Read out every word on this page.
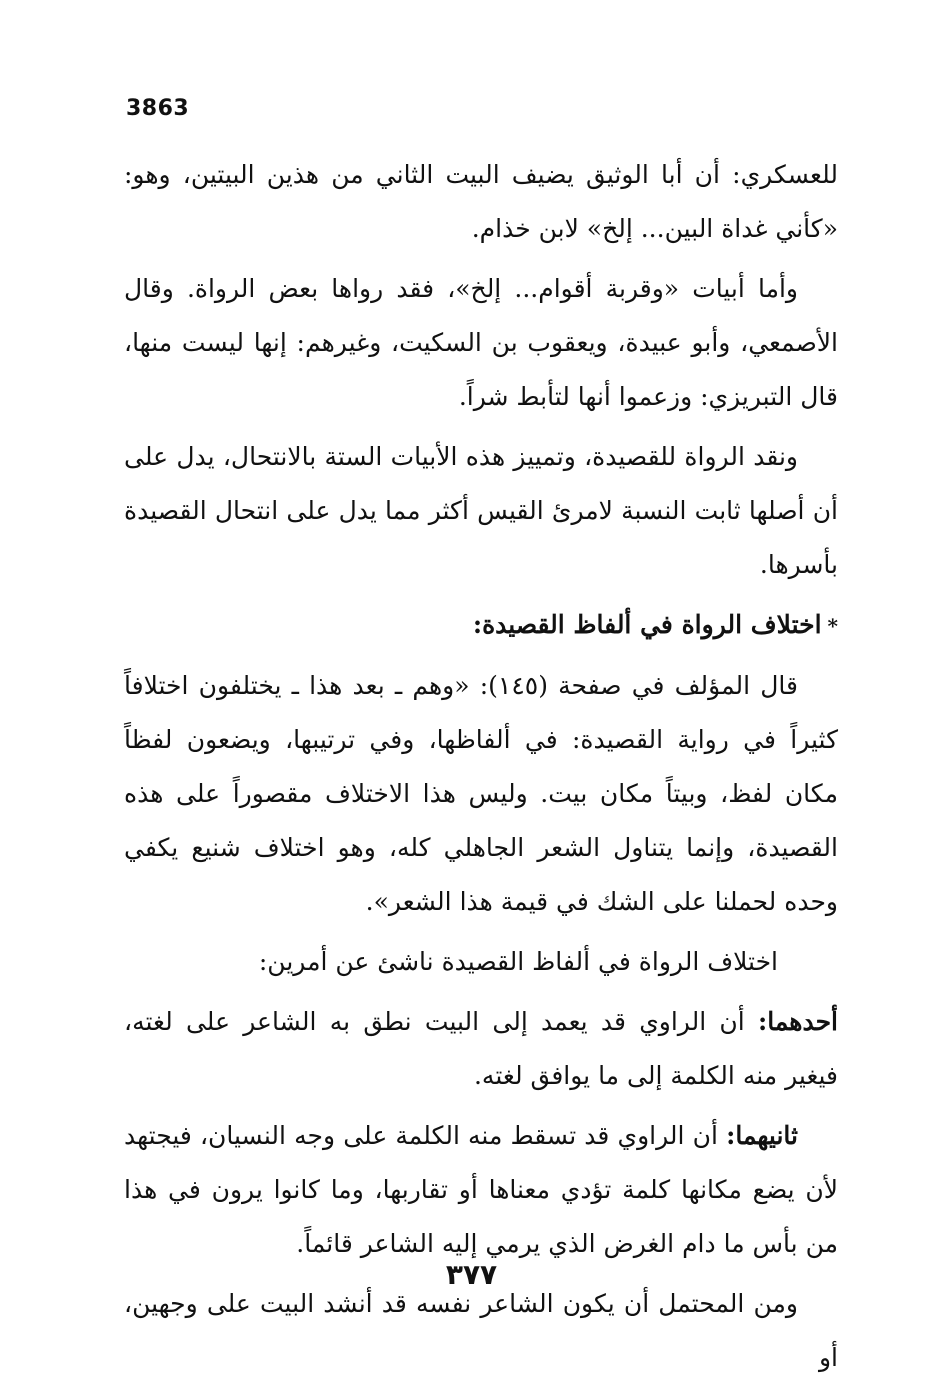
3863

للعسكري: أن أبا الوثيق يضيف البيت الثاني من هذين البيتين، وهو: «كأني غداة البين... إلخ» لابن خذام.

وأما أبيات «وقربة أقوام... إلخ»، فقد رواها بعض الرواة. وقال الأصمعي، وأبو عبيدة، ويعقوب بن السكيت، وغيرهم: إنها ليست منها، قال التبريزي: وزعموا أنها لتأبط شراً.

ونقد الرواة للقصيدة، وتمييز هذه الأبيات الستة بالانتحال، يدل على أن أصلها ثابت النسبة لامرئ القيس أكثر مما يدل على انتحال القصيدة بأسرها.

*اختلاف الرواة في ألفاظ القصيدة:

قال المؤلف في صفحة (١٤٥): «وهم ـ بعد هذا ـ يختلفون اختلافاً كثيراً في رواية القصيدة: في ألفاظها، وفي ترتيبها، ويضعون لفظاً مكان لفظ، وبيتاً مكان بيت. وليس هذا الاختلاف مقصوراً على هذه القصيدة، وإنما يتناول الشعر الجاهلي كله، وهو اختلاف شنيع يكفي وحده لحملنا على الشك في قيمة هذا الشعر».

اختلاف الرواة في ألفاظ القصيدة ناشئ عن أمرين:

أحدهما: أن الراوي قد يعمد إلى البيت نطق به الشاعر على لغته، فيغير منه الكلمة إلى ما يوافق لغته.

ثانيهما: أن الراوي قد تسقط منه الكلمة على وجه النسيان، فيجتهد لأن يضع مكانها كلمة تؤدي معناها أو تقاربها، وما كانوا يرون في هذا من بأس ما دام الغرض الذي يرمي إليه الشاعر قائماً.

ومن المحتمل أن يكون الشاعر نفسه قد أنشد البيت على وجهين، أو

٣٧٧
